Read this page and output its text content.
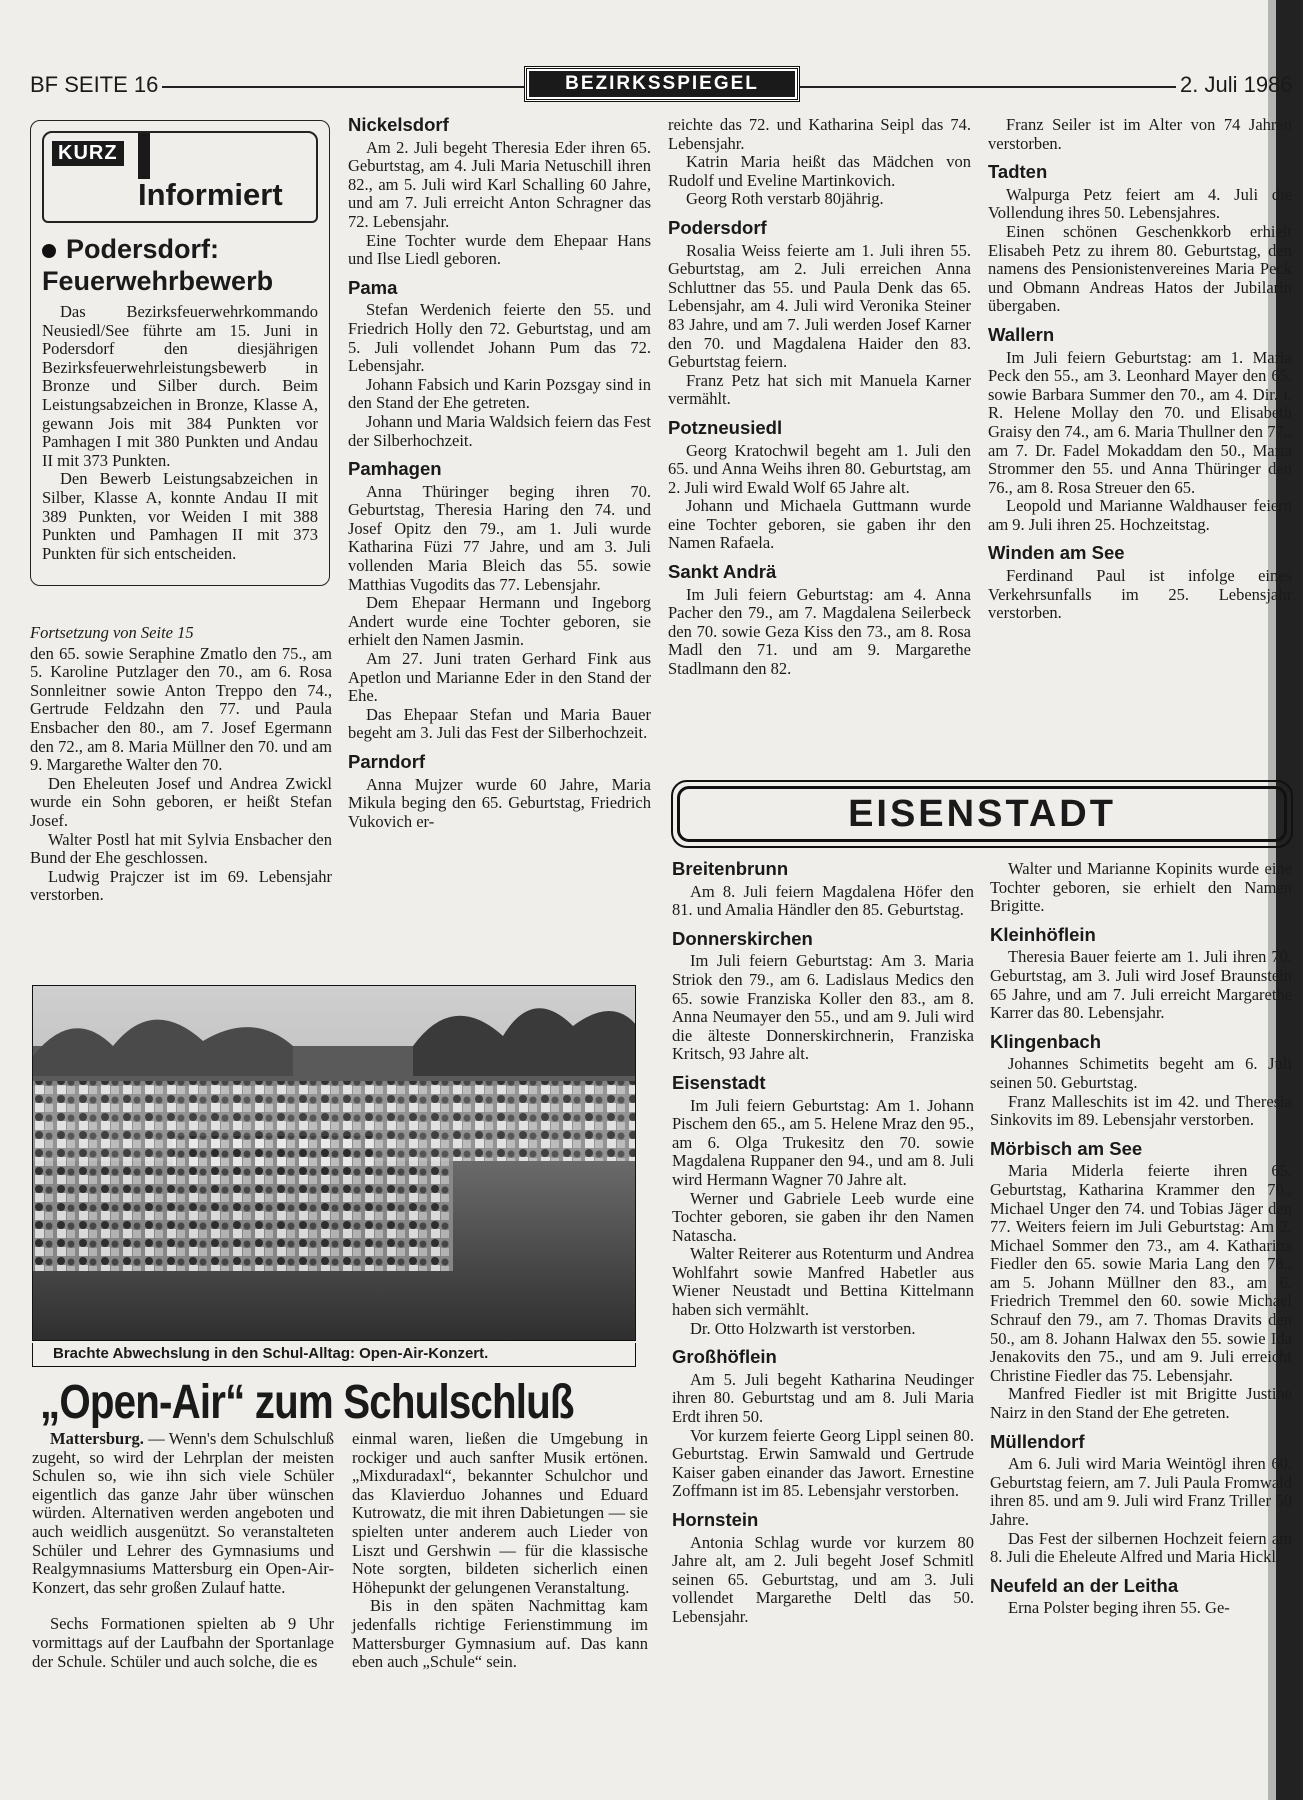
BF SEITE 16	BEZIRKSSPIEGEL	2. Juli 1986
KURZ
Informiert
Podersdorf: Feuerwehrbewerb

Das Bezirksfeuerwehrkommando Neusiedl/See führte am 15. Juni in Podersdorf den diesjährigen Bezirksfeuerwehrleistungsbewerb in Bronze und Silber durch. Beim Leistungsabzeichen in Bronze, Klasse A, gewann Jois mit 384 Punkten vor Pamhagen I mit 380 Punkten und Andau II mit 373 Punkten.

Den Bewerb Leistungsabzeichen in Silber, Klasse A, konnte Andau II mit 389 Punkten, vor Weiden I mit 388 Punkten und Pamhagen II mit 373 Punkten für sich entscheiden.

Fortsetzung von Seite 15

den 65. sowie Seraphine Zmatlo den 75., am 5. Karoline Putzlager den 70., am 6. Rosa Sonnleitner sowie Anton Treppo den 74., Gertrude Feldzahn den 77. und Paula Ensbacher den 80., am 7. Josef Egermann den 72., am 8. Maria Müllner den 70. und am 9. Margarethe Walter den 70.

Den Eheleuten Josef und Andrea Zwickl wurde ein Sohn geboren, er heißt Stefan Josef.

Walter Postl hat mit Sylvia Ensbacher den Bund der Ehe geschlossen.

Ludwig Prajczer ist im 69. Lebensjahr verstorben.

Nickelsdorf

Am 2. Juli begeht Theresia Eder ihren 65. Geburtstag, am 4. Juli Maria Netuschill ihren 82., am 5. Juli wird Karl Schalling 60 Jahre, und am 7. Juli erreicht Anton Schragner das 72. Lebensjahr.

Eine Tochter wurde dem Ehepaar Hans und Ilse Liedl geboren.

Pama

Stefan Werdenich feierte den 55. und Friedrich Holly den 72. Geburtstag, und am 5. Juli vollendet Johann Pum das 72. Lebensjahr.

Johann Fabsich und Karin Pozsgay sind in den Stand der Ehe getreten.

Johann und Maria Waldsich feiern das Fest der Silberhochzeit.

Pamhagen

Anna Thüringer beging ihren 70. Geburtstag, Theresia Haring den 74. und Josef Opitz den 79., am 1. Juli wurde Katharina Füzi 77 Jahre, und am 3. Juli vollenden Maria Bleich das 55. sowie Matthias Vugodits das 77. Lebensjahr.

Dem Ehepaar Hermann und Ingeborg Andert wurde eine Tochter geboren, sie erhielt den Namen Jasmin.

Am 27. Juni traten Gerhard Fink aus Apetlon und Marianne Eder in den Stand der Ehe.

Das Ehepaar Stefan und Maria Bauer begeht am 3. Juli das Fest der Silberhochzeit.

Parndorf

Anna Mujzer wurde 60 Jahre, Maria Mikula beging den 65. Geburtstag, Friedrich Vukovich er-

reichte das 72. und Katharina Seipl das 74. Lebensjahr.

Katrin Maria heißt das Mädchen von Rudolf und Eveline Martinkovich.

Georg Roth verstarb 80jährig.

Podersdorf

Rosalia Weiss feierte am 1. Juli ihren 55. Geburtstag, am 2. Juli erreichen Anna Schluttner das 55. und Paula Denk das 65. Lebensjahr, am 4. Juli wird Veronika Steiner 83 Jahre, und am 7. Juli werden Josef Karner den 70. und Magdalena Haider den 83. Geburtstag feiern.

Franz Petz hat sich mit Manuela Karner vermählt.

Potzneusiedl

Georg Kratochwil begeht am 1. Juli den 65. und Anna Weihs ihren 80. Geburtstag, am 2. Juli wird Ewald Wolf 65 Jahre alt.

Johann und Michaela Guttmann wurde eine Tochter geboren, sie gaben ihr den Namen Rafaela.

Sankt Andrä

Im Juli feiern Geburtstag: am 4. Anna Pacher den 79., am 7. Magdalena Seilerbeck den 70. sowie Geza Kiss den 73., am 8. Rosa Madl den 71. und am 9. Margarethe Stadlmann den 82.

Franz Seiler ist im Alter von 74 Jahren verstorben.

Tadten

Walpurga Petz feiert am 4. Juli die Vollendung ihres 50. Lebensjahres.

Einen schönen Geschenkkorb erhielt Elisabeh Petz zu ihrem 80. Geburtstag, den namens des Pensionistenvereines Maria Peck und Obmann Andreas Hatos der Jubilarin übergaben.

Wallern

Im Juli feiern Geburtstag: am 1. Maria Peck den 55., am 3. Leonhard Mayer den 65. sowie Barbara Summer den 70., am 4. Dir. i. R. Helene Mollay den 70. und Elisabeth Graisy den 74., am 6. Maria Thullner den 77., am 7. Dr. Fadel Mokaddam den 50., Maria Strommer den 55. und Anna Thüringer den 76., am 8. Rosa Streuer den 65.

Leopold und Marianne Waldhauser feiern am 9. Juli ihren 25. Hochzeitstag.

Winden am See

Ferdinand Paul ist infolge eines Verkehrsunfalls im 25. Lebensjahr verstorben.

Brachte Abwechslung in den Schul-Alltag: Open-Air-Konzert.
„Open-Air“ zum Schulschluß

Mattersburg. — Wenn's dem Schulschluß zugeht, so wird der Lehrplan der meisten Schulen so, wie ihn sich viele Schüler eigentlich das ganze Jahr über wünschen würden. Alternativen werden angeboten und auch weidlich ausgenützt. So veranstalteten Schüler und Lehrer des Gymnasiums und Realgymnasiums Mattersburg ein Open-Air-Konzert, das sehr großen Zulauf hatte.

Sechs Formationen spielten ab 9 Uhr vormittags auf der Laufbahn der Sportanlage der Schule. Schüler und auch solche, die es

einmal waren, ließen die Umgebung in rockiger und auch sanfter Musik ertönen. „Mixduradaxl“, bekannter Schulchor und das Klavierduo Johannes und Eduard Kutrowatz, die mit ihren Dabietungen — sie spielten unter anderem auch Lieder von Liszt und Gershwin — für die klassische Note sorgten, bildeten sicherlich einen Höhepunkt der gelungenen Veranstaltung.

Bis in den späten Nachmittag kam jedenfalls richtige Ferienstimmung im Mattersburger Gymnasium auf. Das kann eben auch „Schule“ sein.

EISENSTADT
Breitenbrunn

Am 8. Juli feiern Magdalena Höfer den 81. und Amalia Händler den 85. Geburtstag.

Donnerskirchen

Im Juli feiern Geburtstag: Am 3. Maria Striok den 79., am 6. Ladislaus Medics den 65. sowie Franziska Koller den 83., am 8. Anna Neumayer den 55., und am 9. Juli wird die älteste Donnerskirchnerin, Franziska Kritsch, 93 Jahre alt.

Eisenstadt

Im Juli feiern Geburtstag: Am 1. Johann Pischem den 65., am 5. Helene Mraz den 95., am 6. Olga Trukesitz den 70. sowie Magdalena Ruppaner den 94., und am 8. Juli wird Hermann Wagner 70 Jahre alt.

Werner und Gabriele Leeb wurde eine Tochter geboren, sie gaben ihr den Namen Natascha.

Walter Reiterer aus Rotenturm und Andrea Wohlfahrt sowie Manfred Habetler aus Wiener Neustadt und Bettina Kittelmann haben sich vermählt.

Dr. Otto Holzwarth ist verstorben.

Großhöflein

Am 5. Juli begeht Katharina Neudinger ihren 80. Geburtstag und am 8. Juli Maria Erdt ihren 50.

Vor kurzem feierte Georg Lippl seinen 80. Geburtstag. Erwin Samwald und Gertrude Kaiser gaben einander das Jawort. Ernestine Zoffmann ist im 85. Lebensjahr verstorben.

Hornstein

Antonia Schlag wurde vor kurzem 80 Jahre alt, am 2. Juli begeht Josef Schmitl seinen 65. Geburtstag, und am 3. Juli vollendet Margarethe Deltl das 50. Lebensjahr.

Walter und Marianne Kopinits wurde eine Tochter geboren, sie erhielt den Namen Brigitte.

Kleinhöflein

Theresia Bauer feierte am 1. Juli ihren 70. Geburtstag, am 3. Juli wird Josef Braunstein 65 Jahre, und am 7. Juli erreicht Margarethe Karrer das 80. Lebensjahr.

Klingenbach

Johannes Schimetits begeht am 6. Juli seinen 50. Geburtstag.

Franz Malleschits ist im 42. und Theresia Sinkovits im 89. Lebensjahr verstorben.

Mörbisch am See

Maria Miderla feierte ihren 65. Geburtstag, Katharina Krammer den 70., Michael Unger den 74. und Tobias Jäger den 77. Weiters feiern im Juli Geburtstag: Am 2. Michael Sommer den 73., am 4. Katharina Fiedler den 65. sowie Maria Lang den 78., am 5. Johann Müllner den 83., am 6. Friedrich Tremmel den 60. sowie Michael Schrauf den 79., am 7. Thomas Dravits den 50., am 8. Johann Halwax den 55. sowie Ida Jenakovits den 75., und am 9. Juli erreicht Christine Fiedler das 75. Lebensjahr.

Manfred Fiedler ist mit Brigitte Justine Nairz in den Stand der Ehe getreten.

Müllendorf

Am 6. Juli wird Maria Weintögl ihren 60. Geburtstag feiern, am 7. Juli Paula Fromwald ihren 85. und am 9. Juli wird Franz Triller 50 Jahre.

Das Fest der silbernen Hochzeit feiern am 8. Juli die Eheleute Alfred und Maria Hickl.

Neufeld an der Leitha

Erna Polster beging ihren 55. Ge-
